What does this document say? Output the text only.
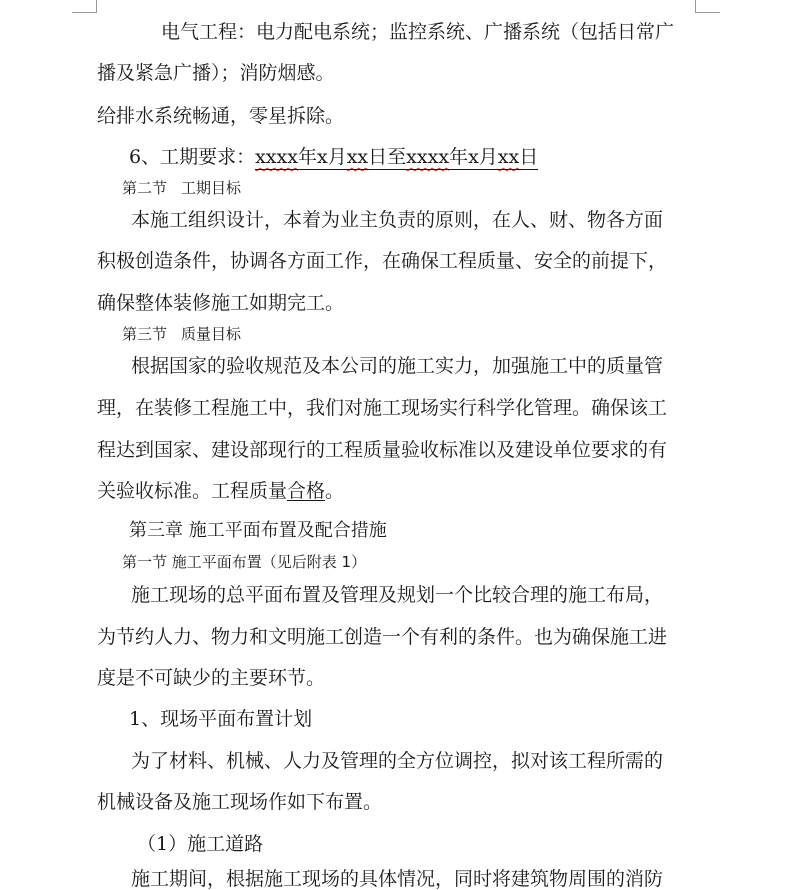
电气工程：电力配电系统；监控系统、广播系统（包括日常广
播及紧急广播）；消防烟感。
给排水系统畅通，零星拆除。
6、工期要求：xxxx年x月xx日至xxxx年x月xx日
第二节 工期目标
本施工组织设计，本着为业主负责的原则，在人、财、物各方面
积极创造条件，协调各方面工作，在确保工程质量、安全的前提下，
确保整体装修施工如期完工。
第三节 质量目标
根据国家的验收规范及本公司的施工实力，加强施工中的质量管
理，在装修工程施工中，我们对施工现场实行科学化管理。确保该工
程达到国家、建设部现行的工程质量验收标准以及建设单位要求的有
关验收标准。工程质量合格。
第三章 施工平面布置及配合措施
第一节 施工平面布置（见后附表 1）
施工现场的总平面布置及管理及规划一个比较合理的施工布局，
为节约人力、物力和文明施工创造一个有利的条件。也为确保施工进
度是不可缺少的主要环节。
1、现场平面布置计划
为了材料、机械、人力及管理的全方位调控，拟对该工程所需的
机械设备及施工现场作如下布置。
（1）施工道路
施工期间，根据施工现场的具体情况，同时将建筑物周围的消防
